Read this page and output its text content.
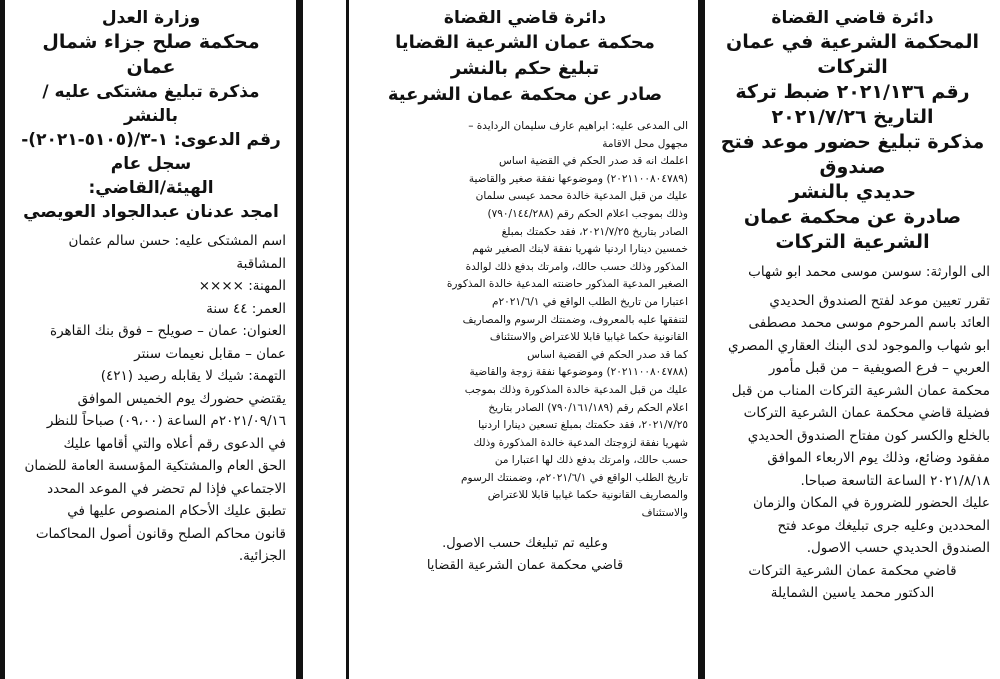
دائرة قاضي القضاة

المحكمة الشرعية في عمان التركات

رقم ٢٠٢١/١٣٦ ضبط تركة

التاريخ ٢٠٢١/٧/٢٦

مذكرة تبليغ حضور موعد فتح صندوق

حديدي بالنشر

صادرة عن محكمة عمان الشرعية التركات

الى الوارثة: سوسن موسى محمد ابو شهاب

تقرر تعيين موعد لفتح الصندوق الحديدي

العائد باسم المرحوم موسى محمد مصطفى

ابو شهاب والموجود لدى البنك العقاري المصري

العربي – فرع الصويفية – من قبل مأمور

محكمة عمان الشرعية التركات المناب من قبل

فضيلة قاضي محكمة عمان الشرعية التركات

بالخلع والكسر كون مفتاح الصندوق الحديدي

مفقود وضائع، وذلك يوم الاربعاء الموافق

٢٠٢١/٨/١٨ الساعة التاسعة صباحا.

عليك الحضور للضرورة في المكان والزمان

المحددين وعليه جرى تبليغك موعد فتح

الصندوق الحديدي حسب الاصول.

قاضي محكمة عمان الشرعية التركات

الدكتور محمد ياسين الشمايلة

دائرة قاضي القضاة

محكمة عمان الشرعية القضايا

تبليغ حكم بالنشر

صادر عن محكمة عمان الشرعية

الى المدعى عليه: ابراهيم عارف سليمان الردايدة –

مجهول محل الاقامة

اعلمك انه قد صدر الحكم في القضية اساس

(٢٠٢١١٠٠٨٠٤٧٨٩) وموضوعها نفقة صغير والقاضية

عليك من قبل المدعية خالدة محمد عيسى سلمان

وذلك بموجب اعلام الحكم رقم (٧٩٠/١٤٤/٢٨٨)

الصادر بتاريخ ٢٠٢١/٧/٢٥، فقد حكمتك بمبلغ

خمسين دينارا اردنيا شهريا نفقة لابنك الصغير شهم

المذكور وذلك حسب حالك، وامرتك بدفع ذلك لوالدة

الصغير المدعية المذكور حاضنته المدعية خالدة المذكورة

اعتبارا من تاريخ الطلب الواقع في ٢٠٢١/٦/١م

لتنفقها عليه بالمعروف، وضمنتك الرسوم والمصاريف

القانونية حكما غيابيا قابلا للاعتراض والاستئناف

كما قد صدر الحكم في القضية اساس

(٢٠٢١١٠٠٨٠٤٧٨٨) وموضوعها نفقة زوجة والقاضية

عليك من قبل المدعية خالدة المذكورة وذلك بموجب

اعلام الحكم رقم (٧٩٠/١٦١/١٨٩) الصادر بتاريخ

٢٠٢١/٧/٢٥، فقد حكمتك بمبلغ تسعين دينارا اردنيا

شهريا نفقة لزوجتك المدعية خالدة المذكورة وذلك

حسب حالك، وامرتك بدفع ذلك لها اعتبارا من

تاريخ الطلب الواقع في ٢٠٢١/٦/١م، وضمنتك الرسوم

والمصاريف القانونية حكما غيابيا قابلا للاعتراض

والاستئناف

وعليه تم تبليغك حسب الاصول.

قاضي محكمة عمان الشرعية القضايا

وزارة العدل

محكمة صلح جزاء شمال عمان

مذكرة تبليغ مشتكى عليه / بالنشر

رقم الدعوى: ١-٣/(٥١٠٥-٢٠٢١)-

سجل عام

الهيئة/القاضي:

امجد عدنان عبدالجواد العويصي

اسم المشتكى عليه: حسن سالم عثمان المشاقبة

المهنة: ××××

العمر: ٤٤ سنة

العنوان: عمان – صويلح – فوق بنك القاهرة

عمان – مقابل نعيمات سنتر

التهمة: شيك لا يقابله رصيد (٤٢١)

يقتضي حضورك يوم الخميس الموافق

٢٠٢١/٠٩/١٦م الساعة (٠٩،٠٠) صباحاً للنظر

في الدعوى رقم أعلاه والتي أقامها عليك

الحق العام والمشتكية المؤسسة العامة للضمان

الاجتماعي فإذا لم تحضر في الموعد المحدد

تطبق عليك الأحكام المنصوص عليها في

قانون محاكم الصلح وقانون أصول المحاكمات

الجزائية.
